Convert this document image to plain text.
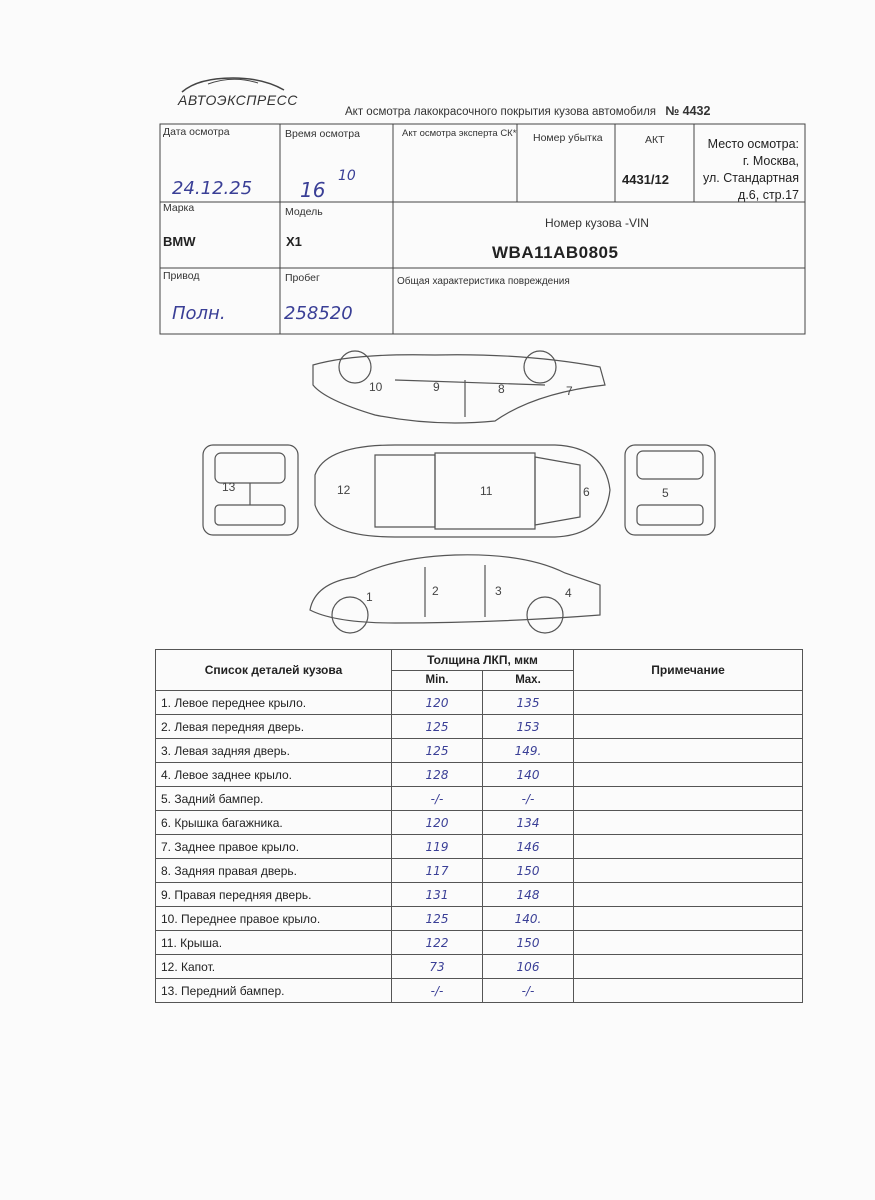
АВТОЭКСПРЕСС
Акт осмотра лакокрасочного покрытия кузова автомобиля № 4432
Дата осмотра
24.12.25
Время осмотра
16
10
Акт осмотра эксперта СК* Номер убытка	АКТ
4431/12
Место осмотра:
г. Москва,
ул. Стандартная
д.6, стр.17
Марка
BMW
Модель
X1
Номер кузова -VIN
WBA11AB0805
Привод
Полн.
Пробег
258520
Общая характеристика повреждения
1	2	3	4
5
6
7
8
9
10
11
12
13
Список деталей кузова	Толщина ЛКП, мкм		Примечание
	Min.	Max.	
1. Левое переднее крыло.	120	135	
2. Левая передняя дверь.	125	153	
3. Левая задняя дверь.	125	149.	
4. Левое заднее крыло.	128	140	
5. Задний бампер.	-/-	-/-	
6. Крышка багажника.	120	134	
7. Заднее правое крыло.	119	146	
8. Задняя правая дверь.	117	150	
9. Правая передняя дверь.	131	148	
10. Переднее правое крыло.	125	140.	
11. Крыша.	122	150	
12. Капот.	73	106	
13. Передний бампер.	-/-	-/-	
